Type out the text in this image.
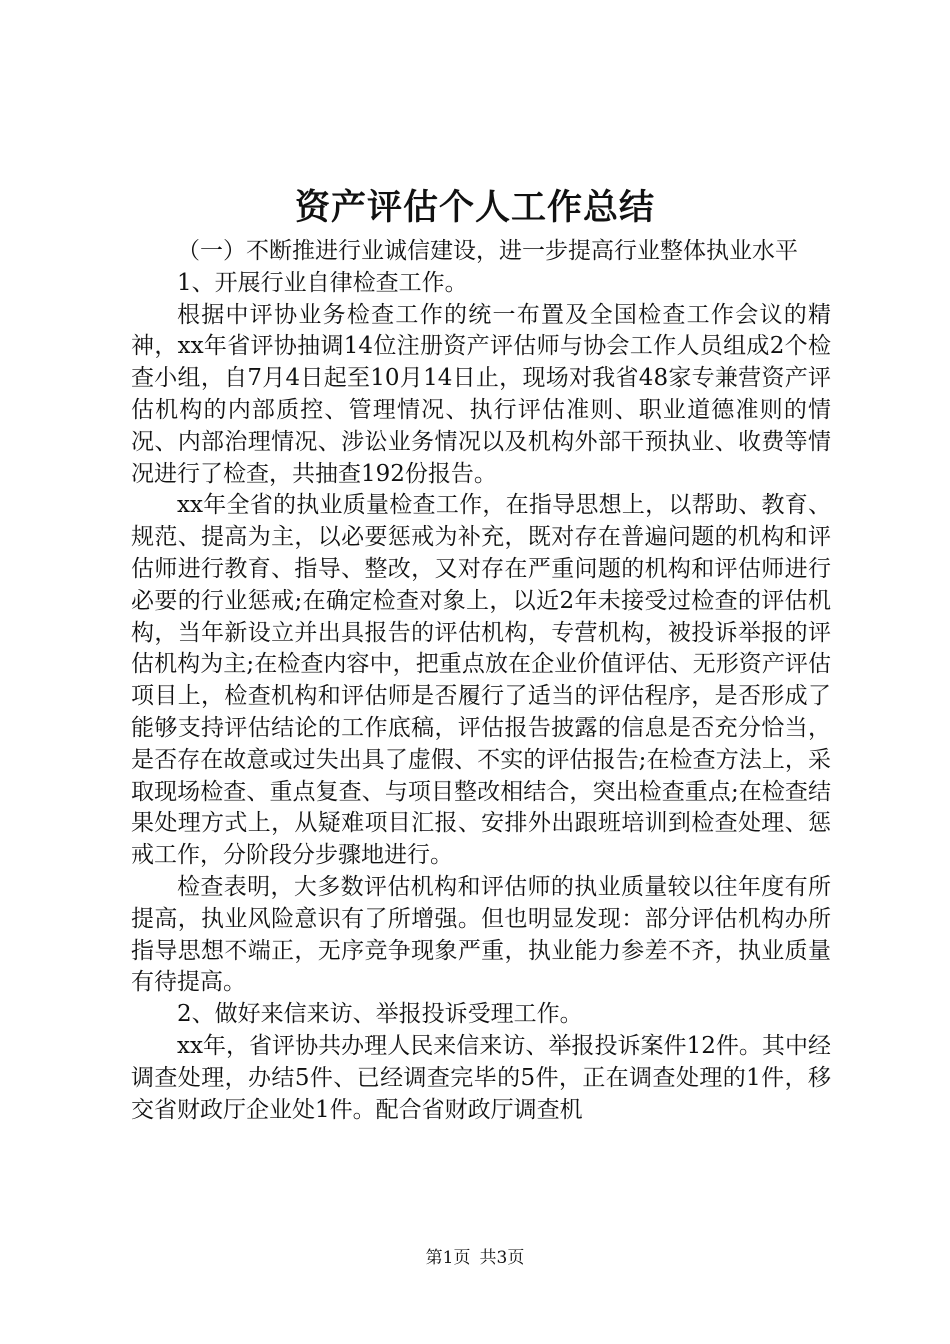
资产评估个人工作总结

（一）不断推进行业诚信建设，进一步提高行业整体执业水平

1、开展行业自律检查工作。

根据中评协业务检查工作的统一布置及全国检查工作会议的精神，xx年省评协抽调14位注册资产评估师与协会工作人员组成2个检查小组，自7月4日起至10月14日止，现场对我省48家专兼营资产评估机构的内部质控、管理情况、执行评估准则、职业道德准则的情况、内部治理情况、涉讼业务情况以及机构外部干预执业、收费等情况进行了检查，共抽查192份报告。

xx年全省的执业质量检查工作，在指导思想上，以帮助、教育、规范、提高为主，以必要惩戒为补充，既对存在普遍问题的机构和评估师进行教育、指导、整改，又对存在严重问题的机构和评估师进行必要的行业惩戒;在确定检查对象上，以近2年未接受过检查的评估机构，当年新设立并出具报告的评估机构，专营机构，被投诉举报的评估机构为主;在检查内容中，把重点放在企业价值评估、无形资产评估项目上，检查机构和评估师是否履行了适当的评估程序，是否形成了能够支持评估结论的工作底稿，评估报告披露的信息是否充分恰当，是否存在故意或过失出具了虚假、不实的评估报告;在检查方法上，采取现场检查、重点复查、与项目整改相结合，突出检查重点;在检查结果处理方式上，从疑难项目汇报、安排外出跟班培训到检查处理、惩戒工作，分阶段分步骤地进行。

检查表明，大多数评估机构和评估师的执业质量较以往年度有所提高，执业风险意识有了所增强。但也明显发现：部分评估机构办所指导思想不端正，无序竞争现象严重，执业能力参差不齐，执业质量有待提高。

2、做好来信来访、举报投诉受理工作。

xx年，省评协共办理人民来信来访、举报投诉案件12件。其中经调查处理，办结5件、已经调查完毕的5件，正在调查处理的1件，移交省财政厅企业处1件。配合省财政厅调查机

第1页 共3页
